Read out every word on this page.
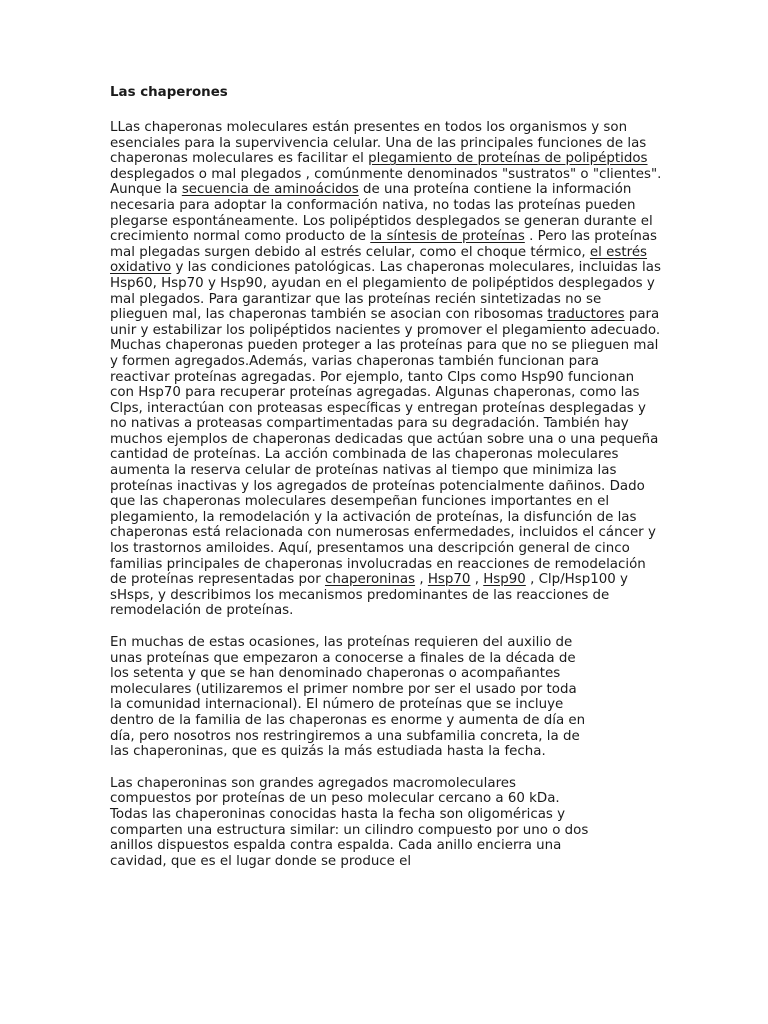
Las chaperones

LLas chaperonas moleculares están presentes en todos los organismos y son esenciales para la supervivencia celular. Una de las principales funciones de las chaperonas moleculares es facilitar el plegamiento de proteínas de polipéptidos desplegados o mal plegados , comúnmente denominados "sustratos" o "clientes". Aunque la secuencia de aminoácidos de una proteína contiene la información necesaria para adoptar la conformación nativa, no todas las proteínas pueden plegarse espontáneamente. Los polipéptidos desplegados se generan durante el crecimiento normal como producto de la síntesis de proteínas . Pero las proteínas mal plegadas surgen debido al estrés celular, como el choque térmico, el estrés oxidativo y las condiciones patológicas. Las chaperonas moleculares, incluidas las Hsp60, Hsp70 y Hsp90, ayudan en el plegamiento de polipéptidos desplegados y mal plegados. Para garantizar que las proteínas recién sintetizadas no se plieguen mal, las chaperonas también se asocian con ribosomas traductores para unir y estabilizar los polipéptidos nacientes y promover el plegamiento adecuado. Muchas chaperonas pueden proteger a las proteínas para que no se plieguen mal y formen agregados.Además, varias chaperonas también funcionan para reactivar proteínas agregadas. Por ejemplo, tanto Clps como Hsp90 funcionan con Hsp70 para recuperar proteínas agregadas. Algunas chaperonas, como las Clps, interactúan con proteasas específicas y entregan proteínas desplegadas y no nativas a proteasas compartimentadas para su degradación. También hay muchos ejemplos de chaperonas dedicadas que actúan sobre una o una pequeña cantidad de proteínas. La acción combinada de las chaperonas moleculares aumenta la reserva celular de proteínas nativas al tiempo que minimiza las proteínas inactivas y los agregados de proteínas potencialmente dañinos. Dado que las chaperonas moleculares desempeñan funciones importantes en el plegamiento, la remodelación y la activación de proteínas, la disfunción de las chaperonas está relacionada con numerosas enfermedades, incluidos el cáncer y los trastornos amiloides. Aquí, presentamos una descripción general de cinco familias principales de chaperonas involucradas en reacciones de remodelación de proteínas representadas por chaperoninas , Hsp70 , Hsp90 , Clp/Hsp100 y sHsps, y describimos los mecanismos predominantes de las reacciones de remodelación de proteínas.

En muchas de estas ocasiones, las proteínas requieren del auxilio de unas proteínas que empezaron a conocerse a finales de la década de los setenta y que se han denominado chaperonas o acompañantes moleculares (utilizaremos el primer nombre por ser el usado por toda la comunidad internacional). El número de proteínas que se incluye dentro de la familia de las chaperonas es enorme y aumenta de día en día, pero nosotros nos restringiremos a una subfamilia concreta, la de las chaperoninas, que es quizás la más estudiada hasta la fecha.

Las chaperoninas son grandes agregados macromoleculares compuestos por proteínas de un peso molecular cercano a 60 kDa. Todas las chaperoninas conocidas hasta la fecha son oligoméricas y comparten una estructura similar: un cilindro compuesto por uno o dos anillos dispuestos espalda contra espalda. Cada anillo encierra una cavidad, que es el lugar donde se produce el
